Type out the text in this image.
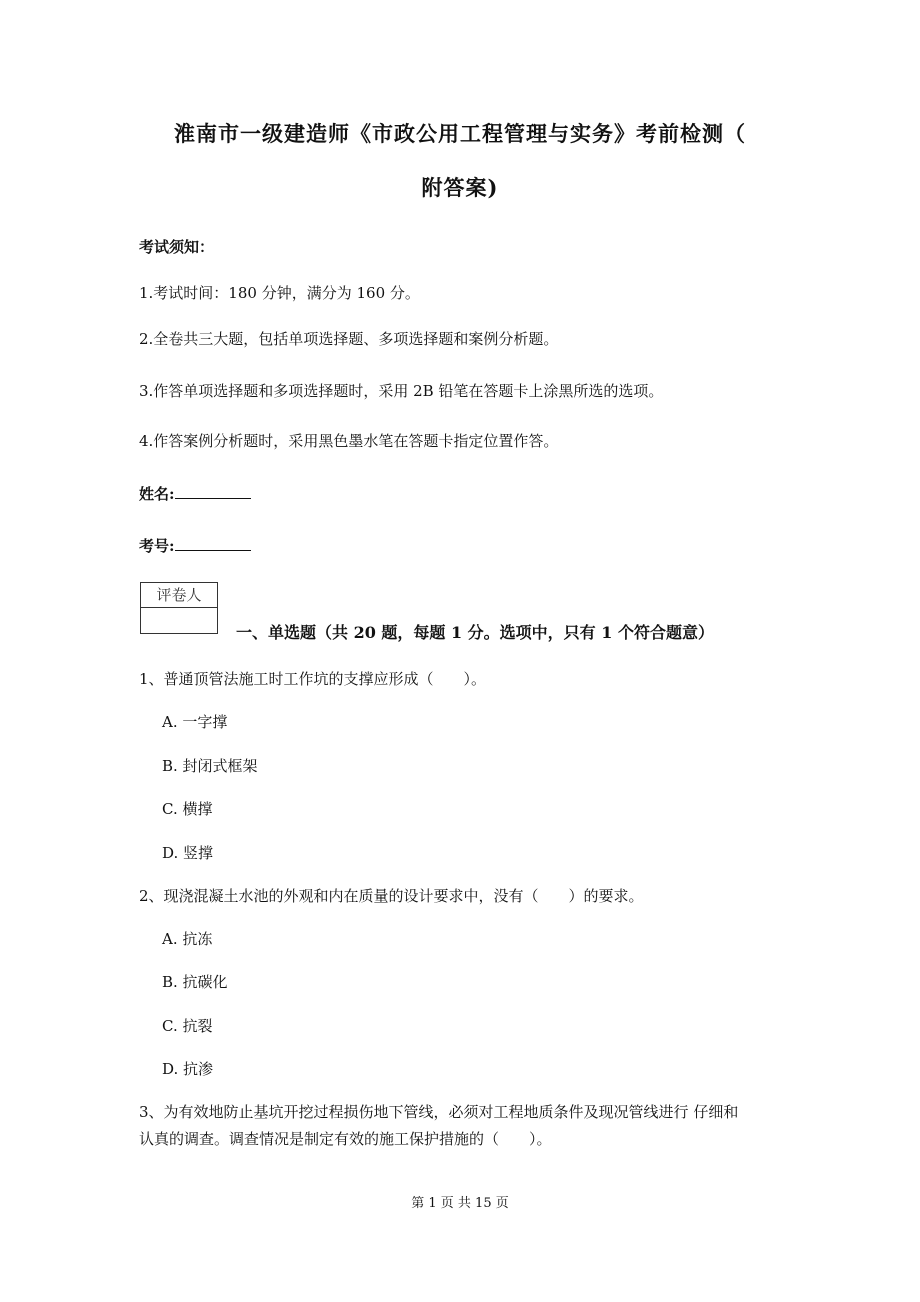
淮南市一级建造师《市政公用工程管理与实务》考前检测（
附答案)
考试须知：
1.考试时间：180 分钟，满分为 160 分。
2.全卷共三大题，包括单项选择题、多项选择题和案例分析题。
3.作答单项选择题和多项选择题时，采用 2B 铅笔在答题卡上涂黑所选的选项。
4.作答案例分析题时，采用黑色墨水笔在答题卡指定位置作答。
姓名:
考号:
评卷人
一、单选题（共 20 题，每题 1 分。选项中，只有 1 个符合题意）
1、普通顶管法施工时工作坑的支撑应形成（　　）。
A. 一字撑
B. 封闭式框架
C. 横撑
D. 竖撑
2、现浇混凝土水池的外观和内在质量的设计要求中，没有（　　）的要求。
A. 抗冻
B. 抗碳化
C. 抗裂
D. 抗渗
3、为有效地防止基坑开挖过程损伤地下管线，必须对工程地质条件及现况管线进行 仔细和
认真的调查。调查情况是制定有效的施工保护措施的（　　）。
第 1 页 共 15 页
